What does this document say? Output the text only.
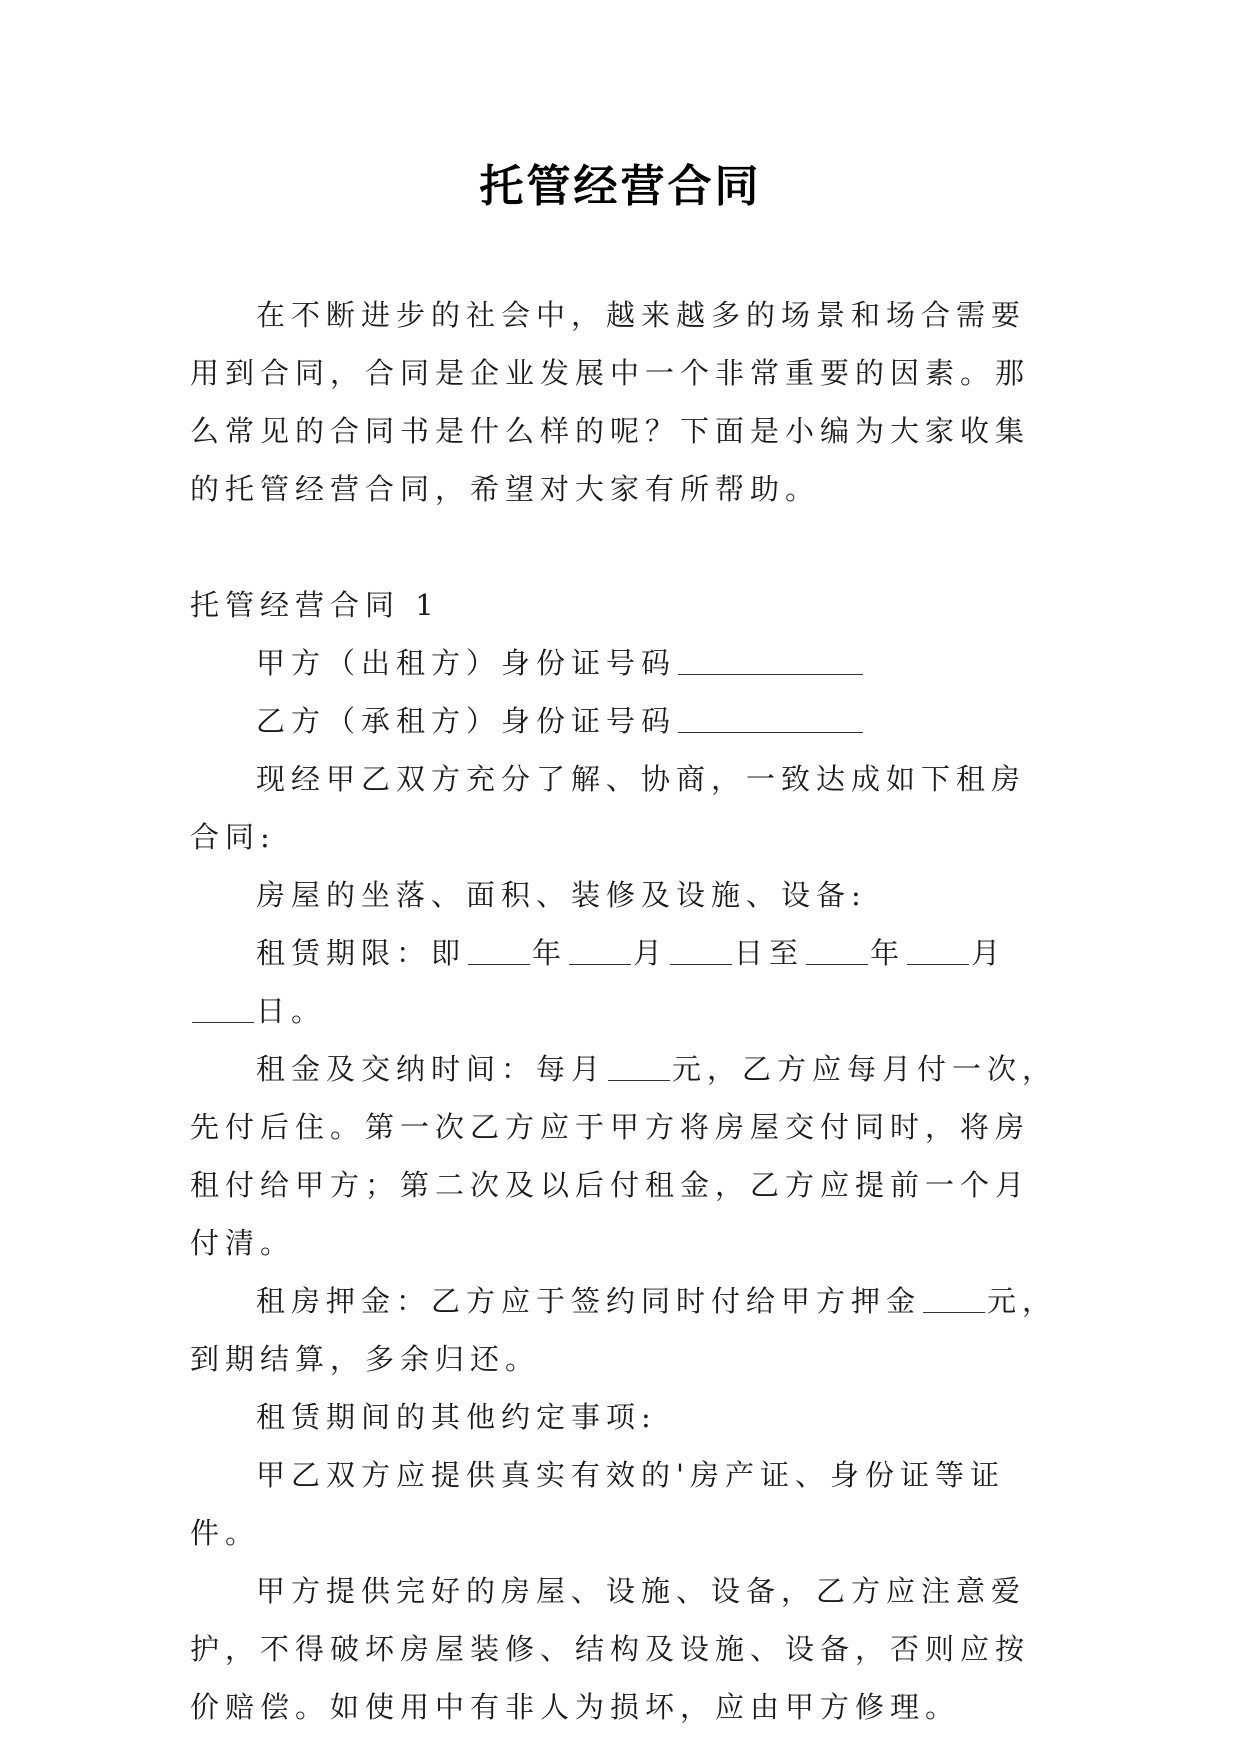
托管经营合同

在不断进步的社会中，越来越多的场景和场合需要用到合同，合同是企业发展中一个非常重要的因素。那么常见的合同书是什么样的呢？下面是小编为大家收集的托管经营合同，希望对大家有所帮助。

托管经营合同 1

甲方（出租方）身份证号码

乙方（承租方）身份证号码

现经甲乙双方充分了解、协商，一致达成如下租房合同:

房屋的坐落、面积、装修及设施、设备:

租赁期限：即 年 月 日至 年 月日。

租金及交纳时间：每月 元，乙方应每月付一次，先付后住。第一次乙方应于甲方将房屋交付同时，将房租付给甲方；第二次及以后付租金，乙方应提前一个月付清。

租房押金：乙方应于签约同时付给甲方押金 元，到期结算，多余归还。

租赁期间的其他约定事项:

甲乙双方应提供真实有效的'房产证、身份证等证件。

甲方提供完好的房屋、设施、设备，乙方应注意爱护，不得破坏房屋装修、结构及设施、设备，否则应按价赔偿。如使用中有非人为损坏，应由甲方修理。
